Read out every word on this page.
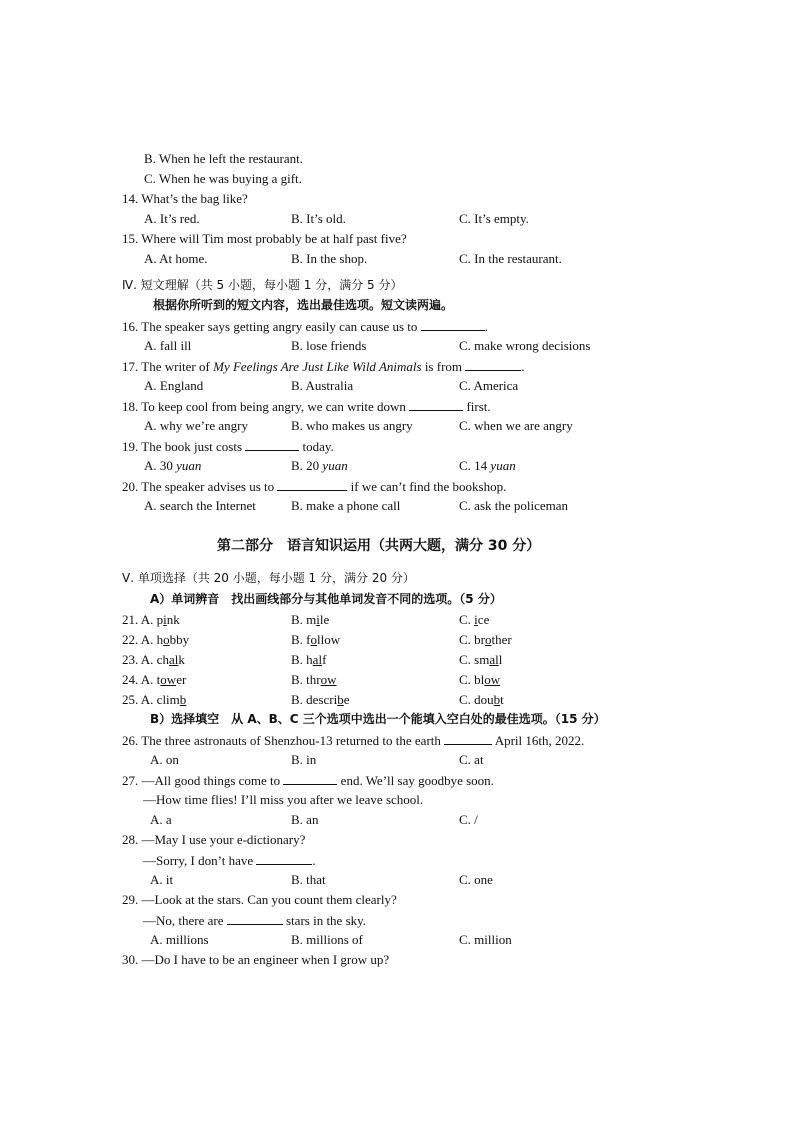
B. When he left the restaurant.
C. When he was buying a gift.
14. What’s the bag like?
A. It’s red.	B. It’s old.	C. It’s empty.
15. Where will Tim most probably be at half past five?
A. At home.	B. In the shop.	C. In the restaurant.
Ⅳ. 短文理解（共 5 小题，每小题 1 分，满分 5 分）
根据你所听到的短文内容，选出最佳选项。短文读两遍。
16. The speaker says getting angry easily can cause us to	.
A. fall ill	B. lose friends	C. make wrong decisions
17. The writer of My Feelings Are Just Like Wild Animals is from	.
A. England	B. Australia	C. America
18. To keep cool from being angry, we can write down	first.
A. why we’re angry	B. who makes us angry	C. when we are angry
19. The book just costs	today.
A. 30 yuan	B. 20 yuan	C. 14 yuan
20. The speaker advises us to	if we can’t find the bookshop.
A. search the Internet	B. make a phone call	C. ask the policeman
第二部分　语言知识运用（共两大题，满分 30 分）
Ⅴ. 单项选择（共 20 小题，每小题 1 分，满分 20 分）
A）单词辨音　找出画线部分与其他单词发音不同的选项。（5 分）
21. A. pink	B. mile	C. ice
22. A. hobby	B. follow	C. brother
23. A. chalk	B. half	C. small
24. A. tower	B. throw	C. blow
25. A. climb	B. describe	C. doubt
B）选择填空　从 A、B、C 三个选项中选出一个能填入空白处的最佳选项。（15 分）
26. The three astronauts of Shenzhou-13 returned to the earth	April 16th, 2022.
A. on	B. in	C. at
27. —All good things come to	end. We’ll say goodbye soon.
—How time flies! I’ll miss you after we leave school.
A. a	B. an	C. /
28. —May I use your e-dictionary?
—Sorry, I don’t have	.
A. it	B. that	C. one
29. —Look at the stars. Can you count them clearly?
—No, there are	stars in the sky.
A. millions	B. millions of	C. million
30. —Do I have to be an engineer when I grow up?
